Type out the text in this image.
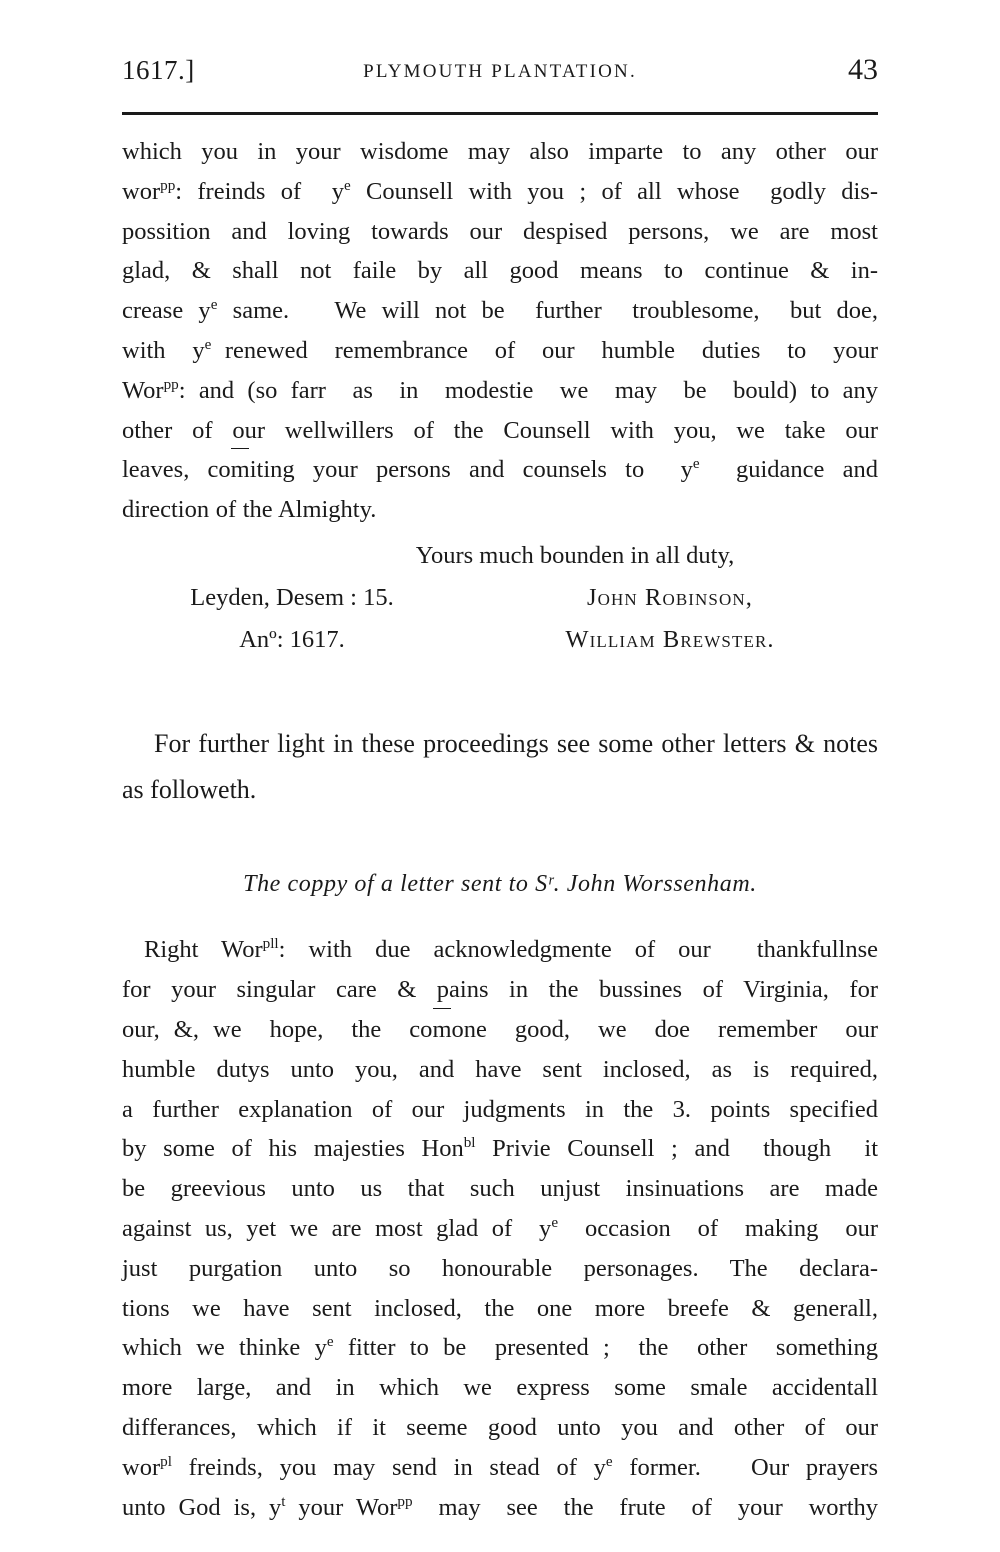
1617.]	PLYMOUTH PLANTATION.	43

which you in your wisdome may also imparte to any other our

wor$^{pp}$: freinds of  $y^e$ Counsell with you ; of all whose  godly dis-

possition and loving towards our despised persons, we are most

glad, & shall not faile by all good means to continue & in-

crease $y^e$ same.   We will not be  further  troublesome,  but doe,

with  $y^e$ renewed  remembrance  of  our  humble  duties  to  your

Wor$^{pp}$: and (so farr  as  in  modestie  we  may  be  bould) to any

other of our wellwillers of the Counsell with you, we take our

leaves, comiting your persons and counsels to  $y^e$  guidance and

direction of the Almighty.

Yours much bounden in all duty,
Leyden, Desem : 15.	John Robinson,
Anº: 1617.	William Brewster.

For further light in these proceedings see some other letters & notes as followeth.

The coppy of a letter sent to Sʳ. John Worssenham.

Right Wor$^{pll}$: with due acknowledgmente of our  thankfullnse

for your singular care & pains in the bussines of Virginia, for

our, &, we  hope,  the  comone  good,  we  doe  remember  our

humble dutys unto you, and have sent inclosed, as is required,

a further explanation of our judgments in the 3. points specified

by some of his majesties Hon$^{bl}$ Privie Counsell ; and  though  it

be greevious unto us that such unjust insinuations are made

against us, yet we are most glad of  $y^e$  occasion  of  making  our

just purgation unto so honourable personages. The declara-

tions we have sent inclosed, the one more breefe & generall,

which we thinke $y^e$ fitter to be  presented ;  the  other  something

more large, and in which we express some smale accidentall

differances, which if it seeme good unto you and other of our

wor$^{pl}$ freinds, you may send in stead of $y^e$ former.   Our prayers

unto God is, $y^t$ your Wor$^{pp}$  may  see  the  frute  of  your  worthy
